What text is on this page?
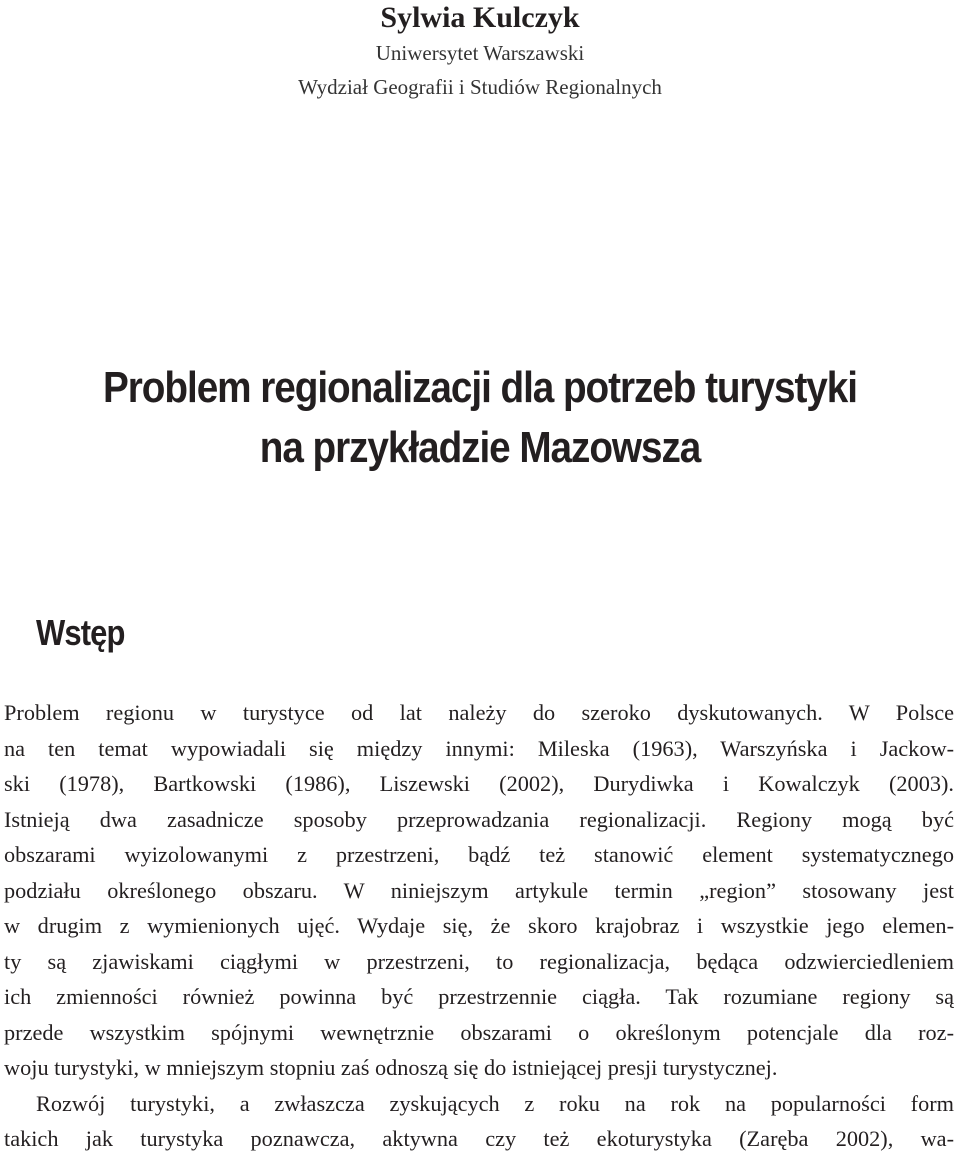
Sylwia Kulczyk
Uniwersytet Warszawski
Wydział Geografii i Studiów Regionalnych
Problem regionalizacji dla potrzeb turystyki
na przykładzie Mazowsza
Wstęp
Problem regionu w turystyce od lat należy do szeroko dyskutowanych. W Polsce
na ten temat wypowiadali się między innymi: Mileska (1963), Warszyńska i Jackow-
ski (1978), Bartkowski (1986), Liszewski (2002), Durydiwka i Kowalczyk (2003).
Istnieją dwa zasadnicze sposoby przeprowadzania regionalizacji. Regiony mogą być
obszarami wyizolowanymi z przestrzeni, bądź też stanowić element systematycznego
podziału określonego obszaru. W niniejszym artykule termin „region” stosowany jest
w drugim z wymienionych ujęć. Wydaje się, że skoro krajobraz i wszystkie jego elemen-
ty są zjawiskami ciągłymi w przestrzeni, to regionalizacja, będąca odzwierciedleniem
ich zmienności również powinna być przestrzennie ciągła. Tak rozumiane regiony są
przede wszystkim spójnymi wewnętrznie obszarami o określonym potencjale dla roz-
woju turystyki, w mniejszym stopniu zaś odnoszą się do istniejącej presji turystycznej.
Rozwój turystyki, a zwłaszcza zyskujących z roku na rok na popularności form
takich jak turystyka poznawcza, aktywna czy też ekoturystyka (Zaręba 2002), wa-
